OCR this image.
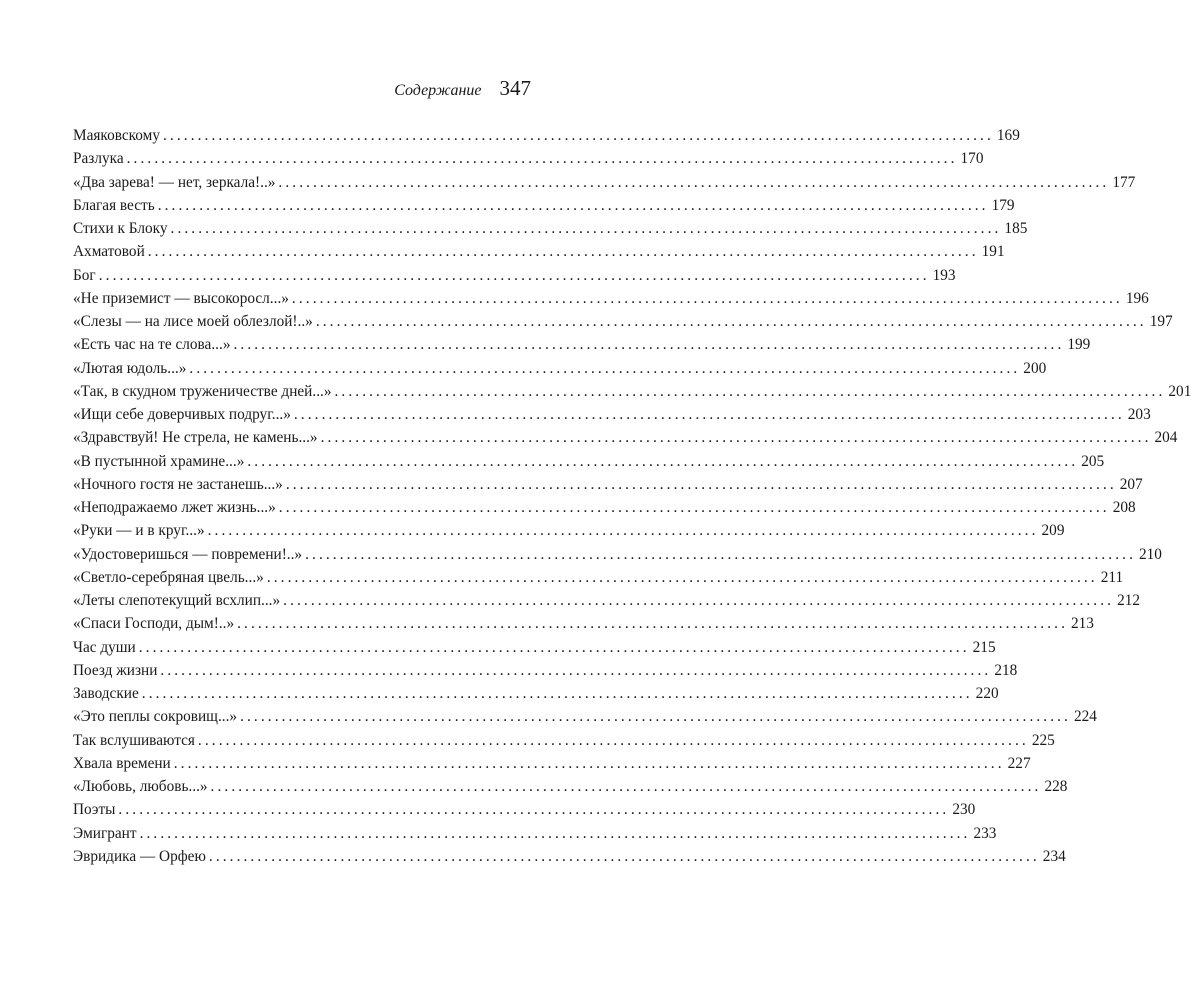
Содержание 347
Маяковскому ........................................................................................................................ 169
Разлука ........................................................................................................................ 170
«Два зарева! — нет, зеркала!..» ........................................................................................................................ 177
Благая весть ........................................................................................................................ 179
Стихи к Блоку ........................................................................................................................ 185
Ахматовой ........................................................................................................................ 191
Бог ........................................................................................................................ 193
«Не приземист — высокоросл...» ........................................................................................................................ 196
«Слезы — на лисе моей облезлой!..» ........................................................................................................................ 197
«Есть час на те слова...» ........................................................................................................................ 199
«Лютая юдоль...» ........................................................................................................................ 200
«Так, в скудном труженичестве дней...» ........................................................................................................................ 201
«Ищи себе доверчивых подруг...» ........................................................................................................................ 203
«Здравствуй! Не стрела, не камень...» ........................................................................................................................ 204
«В пустынной храмине...» ........................................................................................................................ 205
«Ночного гостя не застанешь...» ........................................................................................................................ 207
«Неподражаемо лжет жизнь...» ........................................................................................................................ 208
«Руки — и в круг...» ........................................................................................................................ 209
«Удостоверишься — повремени!..» ........................................................................................................................ 210
«Светло-серебряная цвель...» ........................................................................................................................ 211
«Леты слепотекущий всхлип...» ........................................................................................................................ 212
«Спаси Господи, дым!..» ........................................................................................................................ 213
Час души ........................................................................................................................ 215
Поезд жизни ........................................................................................................................ 218
Заводские ........................................................................................................................ 220
«Это пеплы сокровищ...» ........................................................................................................................ 224
Так вслушиваются ........................................................................................................................ 225
Хвала времени ........................................................................................................................ 227
«Любовь, любовь...» ........................................................................................................................ 228
Поэты ........................................................................................................................ 230
Эмигрант ........................................................................................................................ 233
Эвридика — Орфею ........................................................................................................................ 234
